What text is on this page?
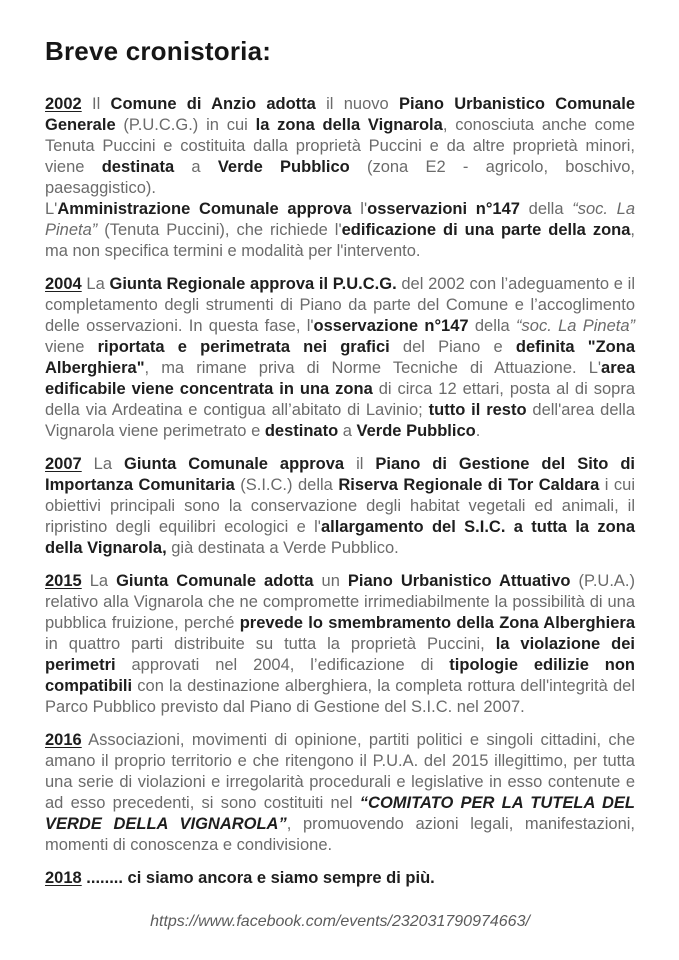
Breve cronistoria:

2002 Il Comune di Anzio adotta il nuovo Piano Urbanistico Comunale Generale (P.U.C.G.) in cui la zona della Vignarola, conosciuta anche come Tenuta Puccini e costituita dalla proprietà Puccini e da altre proprietà minori, viene destinata a Verde Pubblico (zona E2 - agricolo, boschivo, paesaggistico).
L'Amministrazione Comunale approva l'osservazioni n°147 della “soc. La Pineta” (Tenuta Puccini), che richiede l'edificazione di una parte della zona, ma non specifica termini e modalità per l'intervento.

2004 La Giunta Regionale approva il P.U.C.G. del 2002 con l’adeguamento e il completamento degli strumenti di Piano da parte del Comune e l’accoglimento delle osservazioni. In questa fase, l'osservazione n°147 della “soc. La Pineta” viene riportata e perimetrata nei grafici del Piano e definita "Zona Alberghiera", ma rimane priva di Norme Tecniche di Attuazione. L'area edificabile viene concentrata in una zona di circa 12 ettari, posta al di sopra della via Ardeatina e contigua all’abitato di Lavinio; tutto il resto dell'area della Vignarola viene perimetrato e destinato a Verde Pubblico.

2007 La Giunta Comunale approva il Piano di Gestione del Sito di Importanza Comunitaria (S.I.C.) della Riserva Regionale di Tor Caldara i cui obiettivi principali sono la conservazione degli habitat vegetali ed animali, il ripristino degli equilibri ecologici e l'allargamento del S.I.C. a tutta la zona della Vignarola, già destinata a Verde Pubblico.

2015 La Giunta Comunale adotta un Piano Urbanistico Attuativo (P.U.A.) relativo alla Vignarola che ne compromette irrimediabilmente la possibilità di una pubblica fruizione, perché prevede lo smembramento della Zona Alberghiera in quattro parti distribuite su tutta la proprietà Puccini, la violazione dei perimetri approvati nel 2004, l’edificazione di tipologie edilizie non compatibili con la destinazione alberghiera, la completa rottura dell'integrità del Parco Pubblico previsto dal Piano di Gestione del S.I.C. nel 2007.

2016 Associazioni, movimenti di opinione, partiti politici e singoli cittadini, che amano il proprio territorio e che ritengono il P.U.A. del 2015 illegittimo, per tutta una serie di violazioni e irregolarità procedurali e legislative in esso contenute e ad esso precedenti, si sono costituiti nel “COMITATO PER LA TUTELA DEL VERDE DELLA VIGNAROLA”, promuovendo azioni legali, manifestazioni, momenti di conoscenza e condivisione.

2018 ........ ci siamo ancora e siamo sempre di più.

https://www.facebook.com/events/232031790974663/
